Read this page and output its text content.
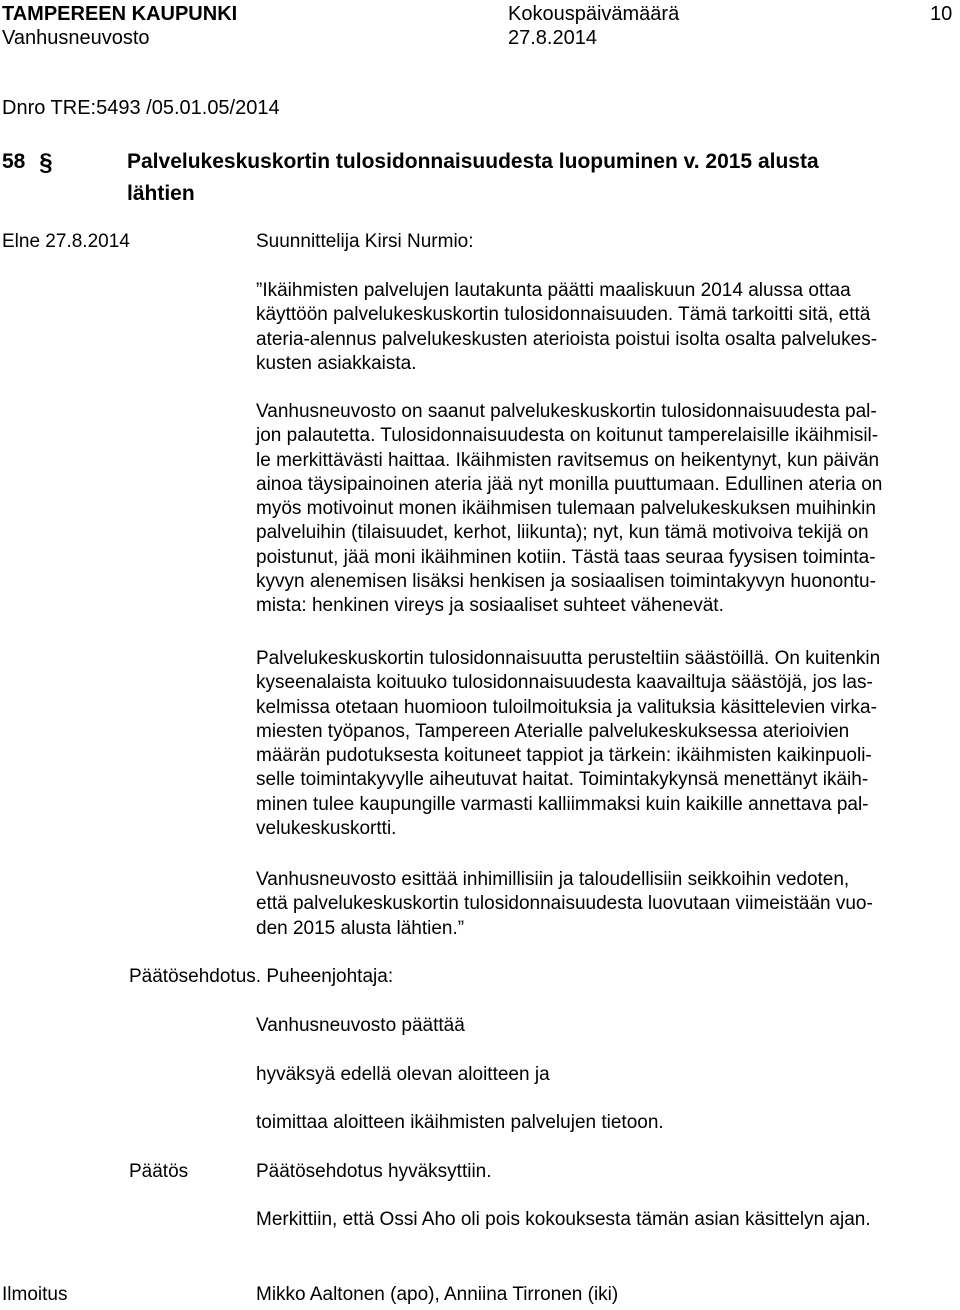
TAMPEREEN KAUPUNKI
Vanhusneuvosto
Kokouspäivämäärä
27.8.2014
10
Dnro TRE:5493 /05.01.05/2014
58 §	Palvelukeskuskortin tulosidonnaisuudesta luopuminen v. 2015 alusta
lähtien
Elne 27.8.2014	Suunnittelija Kirsi Nurmio:
”Ikäihmisten palvelujen lautakunta päätti maaliskuun 2014 alussa ottaa
käyttöön palvelukeskuskortin tulosidonnaisuuden. Tämä tarkoitti sitä, että
ateria-alennus palvelukeskusten aterioista poistui isolta osalta palvelukes-
kusten asiakkaista.
Vanhusneuvosto on saanut palvelukeskuskortin tulosidonnaisuudesta pal-
jon palautetta. Tulosidonnaisuudesta on koitunut tamperelaisille ikäihmisil-
le merkittävästi haittaa. Ikäihmisten ravitsemus on heikentynyt, kun päivän
ainoa täysipainoinen ateria jää nyt monilla puuttumaan. Edullinen ateria on
myös motivoinut monen ikäihmisen tulemaan palvelukeskuksen muihinkin
palveluihin (tilaisuudet, kerhot, liikunta); nyt, kun tämä motivoiva tekijä on
poistunut, jää moni ikäihminen kotiin. Tästä taas seuraa fyysisen toiminta-
kyvyn alenemisen lisäksi henkisen ja sosiaalisen toimintakyvyn huonontu-
mista: henkinen vireys ja sosiaaliset suhteet vähenevät.
Palvelukeskuskortin tulosidonnaisuutta perusteltiin säästöillä. On kuitenkin
kyseenalaista koituuko tulosidonnaisuudesta kaavailtuja säästöjä, jos las-
kelmissa otetaan huomioon tuloilmoituksia ja valituksia käsittelevien virka-
miesten työpanos, Tampereen Aterialle palvelukeskuksessa aterioivien
määrän pudotuksesta koituneet tappiot ja tärkein: ikäihmisten kaikinpuoli-
selle toimintakyvylle aiheutuvat haitat. Toimintakykynsä menettänyt ikäih-
minen tulee kaupungille varmasti kalliimmaksi kuin kaikille annettava pal-
velukeskuskortti.
Vanhusneuvosto esittää inhimillisiin ja taloudellisiin seikkoihin vedoten,
että palvelukeskuskortin tulosidonnaisuudesta luovutaan viimeistään vuo-
den 2015 alusta lähtien.”
Päätösehdotus. Puheenjohtaja:
Vanhusneuvosto päättää
hyväksyä edellä olevan aloitteen ja
toimittaa aloitteen ikäihmisten palvelujen tietoon.
Päätös	Päätösehdotus hyväksyttiin.
Merkittiin, että Ossi Aho oli pois kokouksesta tämän asian käsittelyn ajan.
Ilmoitus	Mikko Aaltonen (apo), Anniina Tirronen (iki)
